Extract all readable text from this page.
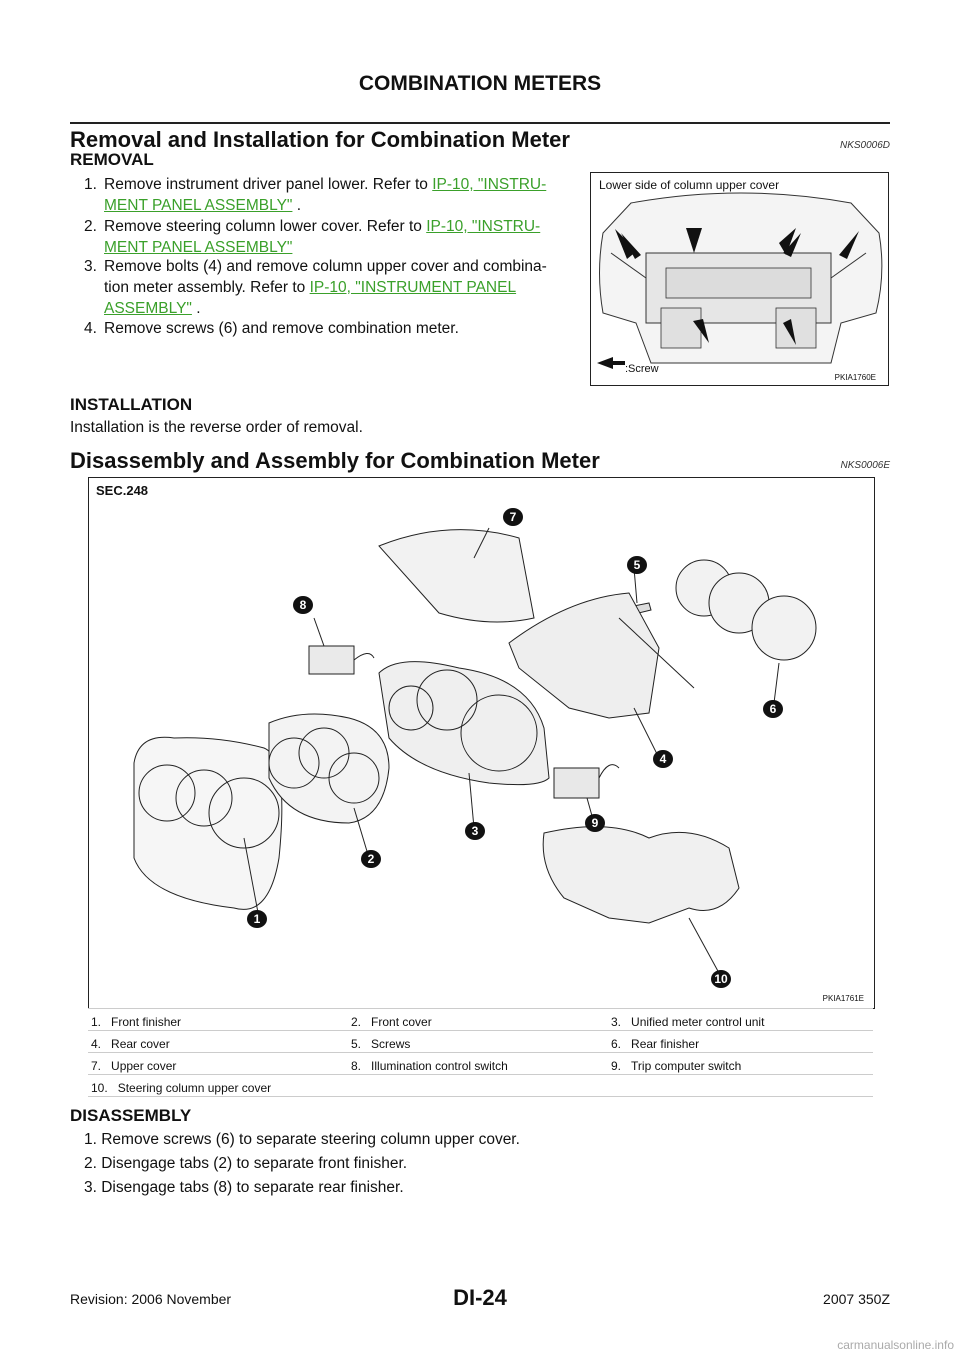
COMBINATION METERS
Removal and Installation for Combination Meter	NKS0006D
REMOVAL
1. Remove instrument driver panel lower. Refer to IP-10, "INSTRU-
MENT PANEL ASSEMBLY" .
2. Remove steering column lower cover. Refer to IP-10, "INSTRU-
MENT PANEL ASSEMBLY"
3. Remove bolts (4) and remove column upper cover and combina-
tion meter assembly. Refer to IP-10, "INSTRUMENT PANEL
ASSEMBLY" .
4. Remove screws (6) and remove combination meter.
Lower side of column upper cover
:Screw
PKIA1760E
INSTALLATION
Installation is the reverse order of removal.
Disassembly and Assembly for Combination Meter	NKS0006E
SEC.248
1
2
3
4
5
6
7
8
9
10
PKIA1761E
1. Front finisher	2. Front cover	3. Unified meter control unit
4. Rear cover	5. Screws	6. Rear finisher
7. Upper cover	8. Illumination control switch	9. Trip computer switch
10. Steering column upper cover
DISASSEMBLY
1. Remove screws (6) to separate steering column upper cover.
2. Disengage tabs (2) to separate front finisher.
3. Disengage tabs (8) to separate rear finisher.
Revision: 2006 November	DI-24	2007 350Z
carmanualsonline.info
